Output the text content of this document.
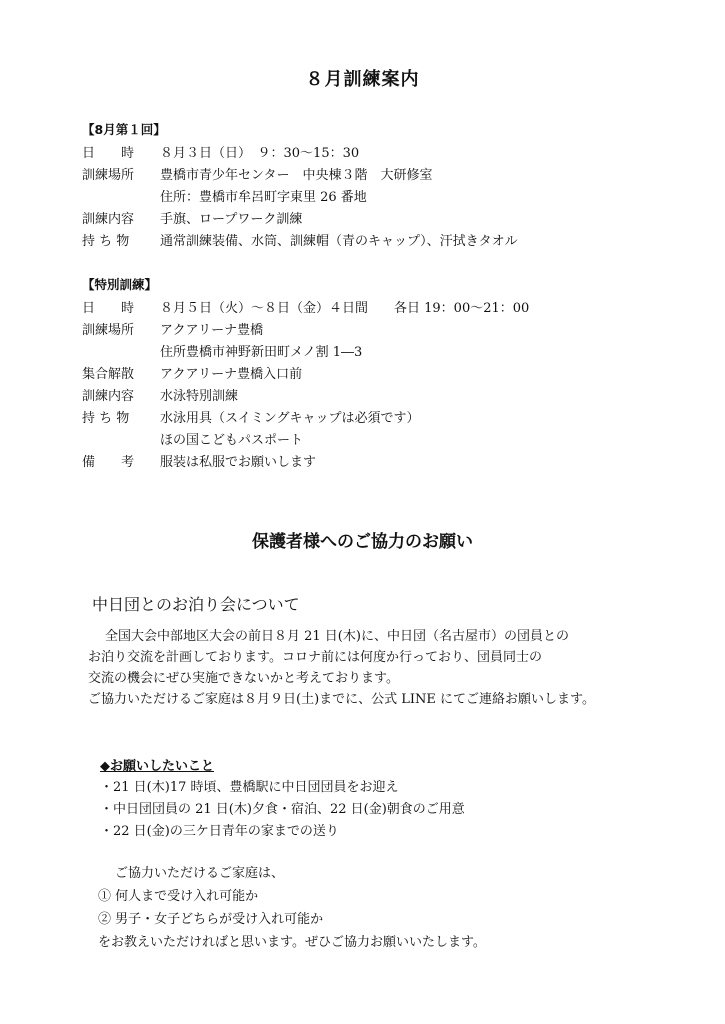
８月訓練案内
【8月第１回】
日　　時 ８月３日（日）　９：30〜15：30
訓練場所 豊橋市青少年センター　中央棟３階　大研修室
住所：豊橋市牟呂町字東里 26 番地
訓練内容 手旗、ロープワーク訓練
持 ち 物 通常訓練装備、水筒、訓練帽（青のキャップ）、汗拭きタオル
【特別訓練】
日　　時 ８月５日（火）〜８日（金）４日間　　各日 19：00〜21：00
訓練場所 アクアリーナ豊橋
住所豊橋市神野新田町メノ割 1―3
集合解散 アクアリーナ豊橋入口前
訓練内容 水泳特別訓練
持 ち 物 水泳用具（スイミングキャップは必須です）
ほの国こどもパスポート
備　　考 服装は私服でお願いします
保護者様へのご協力のお願い
中日団とのお泊り会について
　全国大会中部地区大会の前日８月 21 日(木)に、中日団（名古屋市）の団員との
お泊り交流を計画しております。コロナ前には何度か行っており、団員同士の
交流の機会にぜひ実施できないかと考えております。
ご協力いただけるご家庭は８月９日(土)までに、公式 LINE にてご連絡お願いします。
◆お願いしたいこと
・21 日(木)17 時頃、豊橋駅に中日団団員をお迎え
・中日団団員の 21 日(木)夕食・宿泊、22 日(金)朝食のご用意
・22 日(金)の三ケ日青年の家までの送り
ご協力いただけるご家庭は、
① 何人まで受け入れ可能か
② 男子・女子どちらが受け入れ可能か
をお教えいただければと思います。ぜひご協力お願いいたします。
